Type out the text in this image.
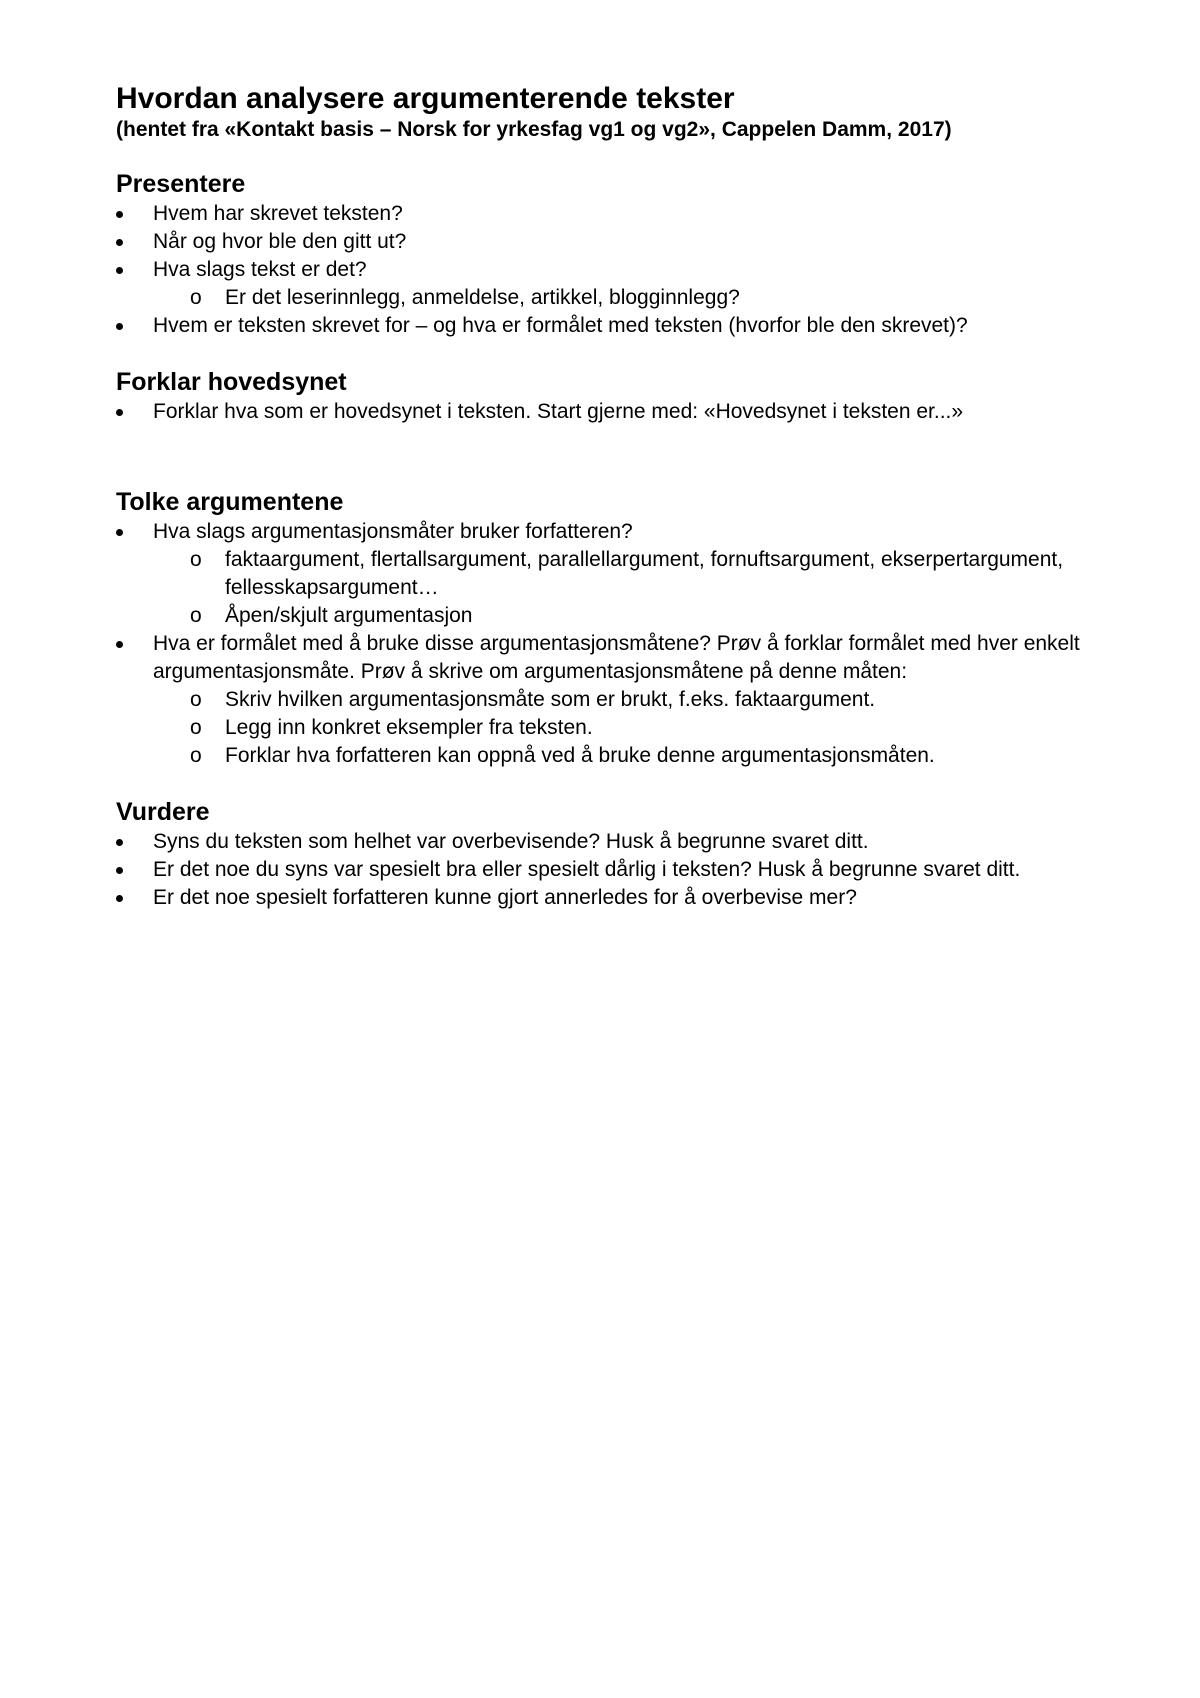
Hvordan analysere argumenterende tekster

(hentet fra «Kontakt basis – Norsk for yrkesfag vg1 og vg2», Cappelen Damm, 2017)

Presentere
Hvem har skrevet teksten?
Når og hvor ble den gitt ut?
Hva slags tekst er det?
o Er det leserinnlegg, anmeldelse, artikkel, blogginnlegg?
Hvem er teksten skrevet for – og hva er formålet med teksten (hvorfor ble den skrevet)?
Forklar hovedsynet
Forklar hva som er hovedsynet i teksten. Start gjerne med: «Hovedsynet i teksten er...»
Tolke argumentene
Hva slags argumentasjonsmåter bruker forfatteren?
o faktaargument, flertallsargument, parallellargument, fornuftsargument, ekserpertargument, fellesskapsargument…
o Åpen/skjult argumentasjon
Hva er formålet med å bruke disse argumentasjonsmåtene? Prøv å forklar formålet med hver enkelt argumentasjonsmåte. Prøv å skrive om argumentasjonsmåtene på denne måten:
o Skriv hvilken argumentasjonsmåte som er brukt, f.eks. faktaargument.
o Legg inn konkret eksempler fra teksten.
o Forklar hva forfatteren kan oppnå ved å bruke denne argumentasjonsmåten.
Vurdere
Syns du teksten som helhet var overbevisende? Husk å begrunne svaret ditt.
Er det noe du syns var spesielt bra eller spesielt dårlig i teksten? Husk å begrunne svaret ditt.
Er det noe spesielt forfatteren kunne gjort annerledes for å overbevise mer?
